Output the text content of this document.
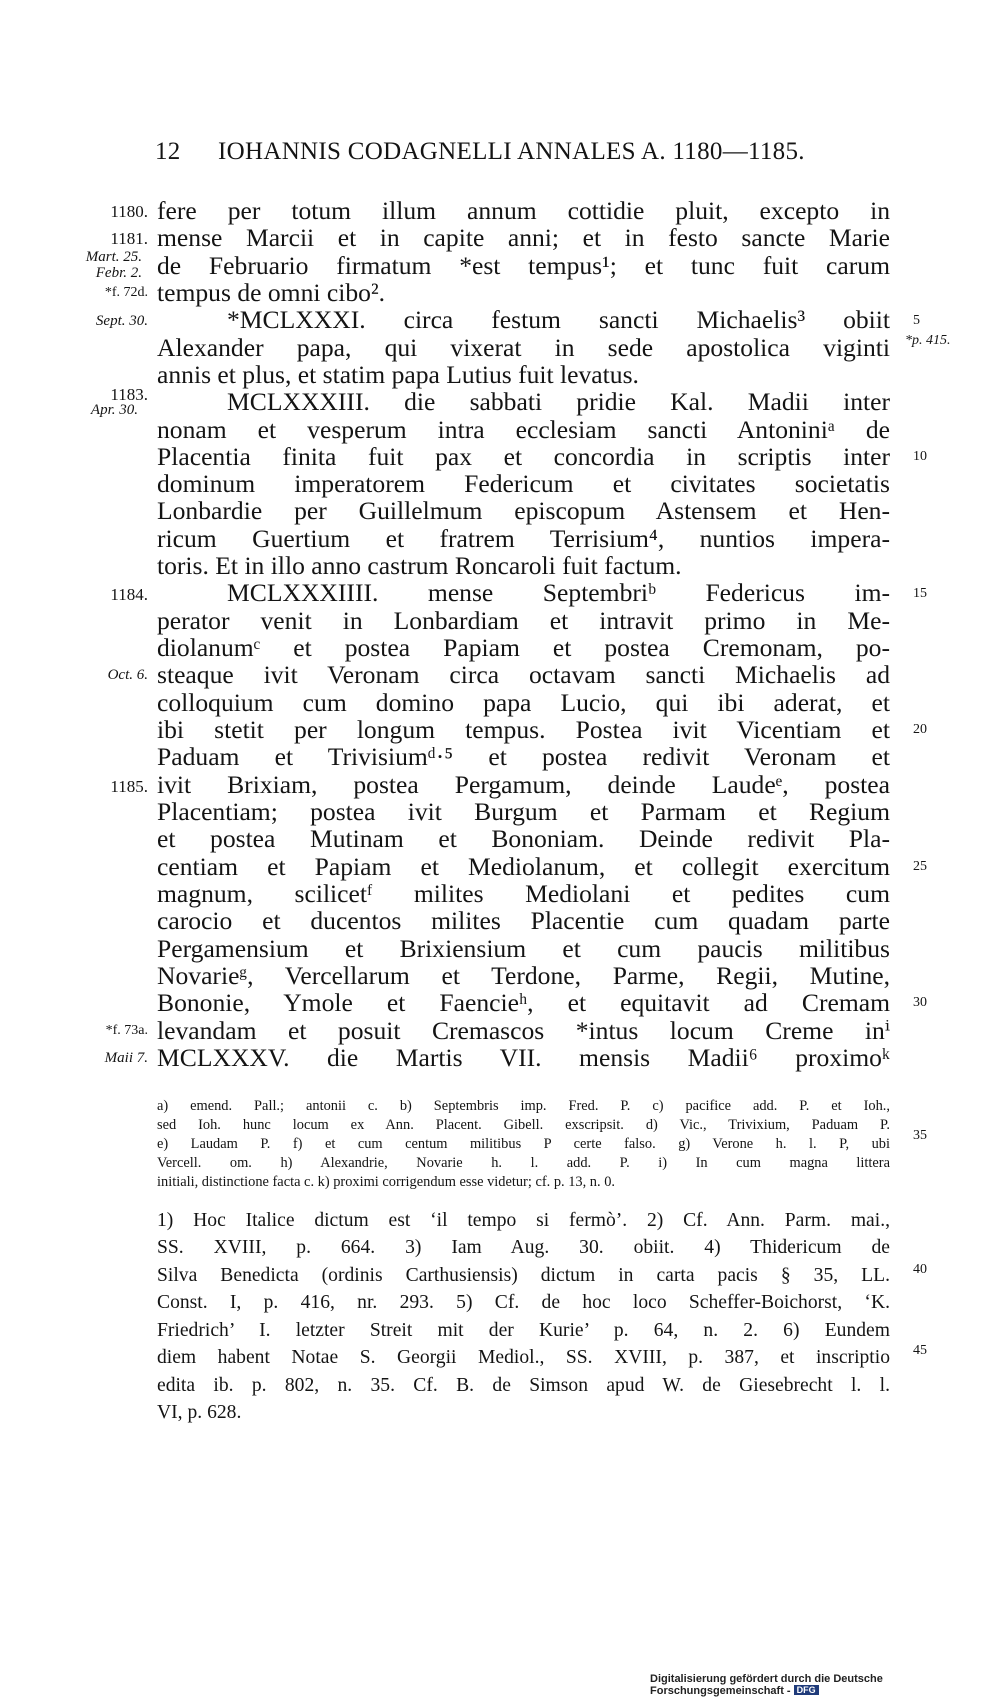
12 IOHANNIS CODAGNELLI ANNALES A. 1180—1185.
fere per totum illum annum cottidie pluit, excepto in
mense Marcii et in capite anni; et in festo sancte Marie
de Februario firmatum *est tempus¹; et tunc fuit carum
tempus de omni cibo².
*MCLXXXI. circa festum sancti Michaelis³ obiit
Alexander papa, qui vixerat in sede apostolica viginti
annis et plus, et statim papa Lutius fuit levatus.
MCLXXXIII. die sabbati pridie Kal. Madii inter
nonam et vesperum intra ecclesiam sancti Antoniniᵃ de
Placentia finita fuit pax et concordia in scriptis inter
dominum imperatorem Federicum et civitates societatis
Lonbardie per Guillelmum episcopum Astensem et Hen-
ricum Guertium et fratrem Terrisium⁴, nuntios impera-
toris. Et in illo anno castrum Roncaroli fuit factum.
MCLXXXIIII. mense Septembriᵇ Federicus im-
perator venit in Lonbardiam et intravit primo in Me-
diolanumᶜ et postea Papiam et postea Cremonam, po-
steaque ivit Veronam circa octavam sancti Michaelis ad
colloquium cum domino papa Lucio, qui ibi aderat, et
ibi stetit per longum tempus. Postea ivit Vicentiam et
Paduam et Trivisiumᵈ·⁵ et postea redivit Veronam et
ivit Brixiam, postea Pergamum, deinde Laudeᵉ, postea
Placentiam; postea ivit Burgum et Parmam et Regium
et postea Mutinam et Bononiam. Deinde redivit Pla-
centiam et Papiam et Mediolanum, et collegit exercitum
magnum, scilicetᶠ milites Mediolani et pedites cum
carocio et ducentos milites Placentie cum quadam parte
Pergamensium et Brixiensium et cum paucis militibus
Novarieᵍ, Vercellarum et Terdone, Parme, Regii, Mutine,
Bononie, Ymole et Faencieʰ, et equitavit ad Cremam
levandam et posuit Cremascos *intus locum Creme inⁱ
MCLXXXV. die Martis VII. mensis Madii⁶ proximoᵏ
1180.
1181.
Mart. 25.
Febr. 2.
*f. 72d.
Sept. 30.
1183.
Apr. 30.
1184.
Oct. 6.
1185.
*f. 73a.
Maii 7.
5
10
15
20
25
30
35
40
45
*p. 415.
a) emend. Pall.; antonii c. b) Septembris imp. Fred. P. c) pacifice add. P. et Ioh.,
sed Ioh. hunc locum ex Ann. Placent. Gibell. exscripsit. d) Vic., Trivixium, Paduam P.
e) Laudam P. f) et cum centum militibus P certe falso. g) Verone h. l. P, ubi
Vercell. om. h) Alexandrie, Novarie h. l. add. P. i) In cum magna littera
initiali, distinctione facta c. k) proximi corrigendum esse videtur; cf. p. 13, n. 0.
1) Hoc Italice dictum est ‘il tempo si fermò’. 2) Cf. Ann. Parm. mai.,
SS. XVIII, p. 664. 3) Iam Aug. 30. obiit. 4) Thidericum de
Silva Benedicta (ordinis Carthusiensis) dictum in carta pacis § 35, LL.
Const. I, p. 416, nr. 293. 5) Cf. de hoc loco Scheffer-Boichorst, ‘K.
Friedrich’ I. letzter Streit mit der Kurie’ p. 64, n. 2. 6) Eundem
diem habent Notae S. Georgii Mediol., SS. XVIII, p. 387, et inscriptio
edita ib. p. 802, n. 35. Cf. B. de Simson apud W. de Giesebrecht l. l.
VI, p. 628.
Digitalisierung gefördert durch die Deutsche Forschungsgemeinschaft - DFG
